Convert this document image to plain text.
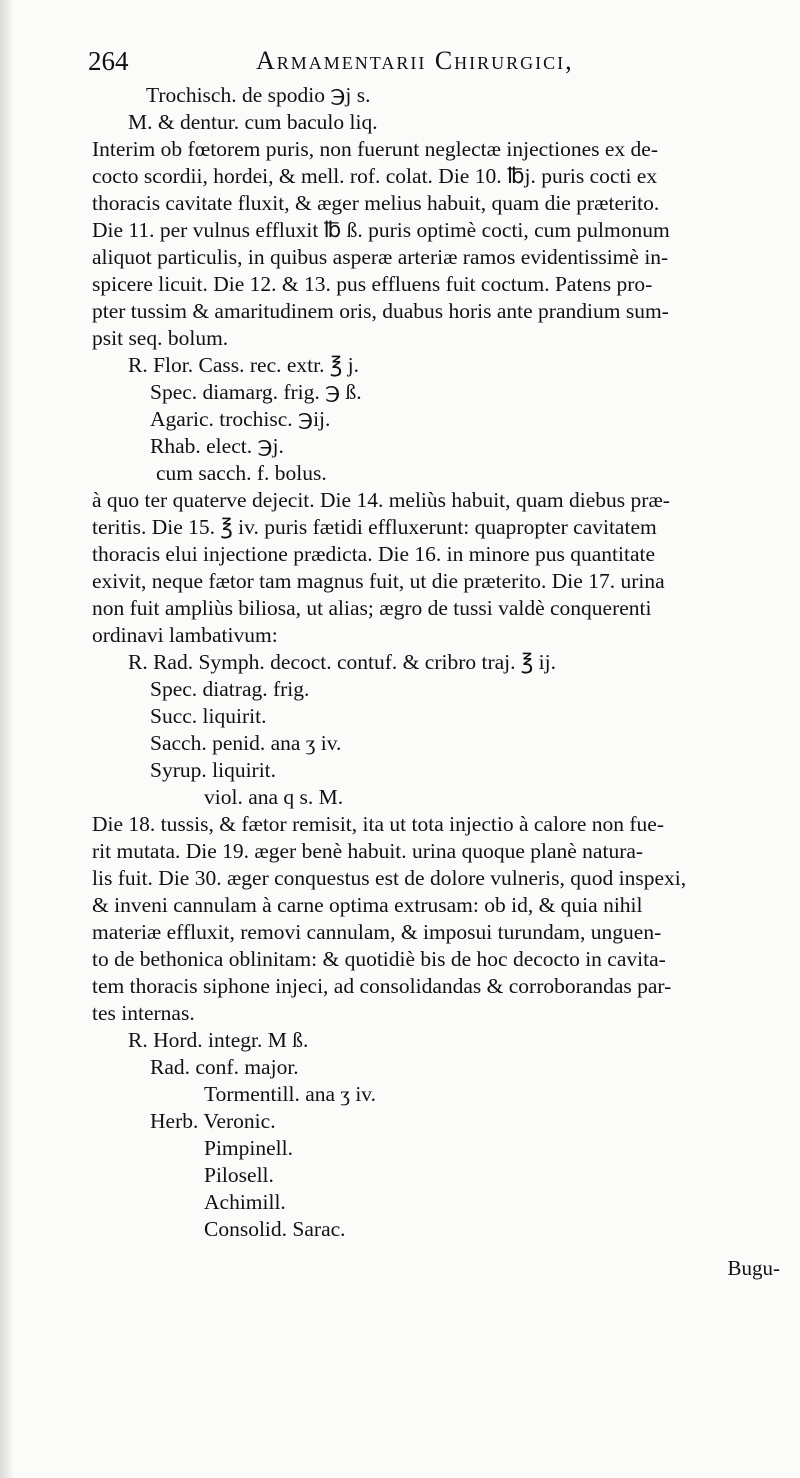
264	Armamentarii Chirurgici,
Trochisch. de spodio ℈j s.
M. & dentur. cum baculo liq.
Interim ob fœtorem puris, non fuerunt neglectæ injectiones ex de-
cocto scordii, hordei, & mell. rof. colat. Die 10. ℔j. puris cocti ex
thoracis cavitate fluxit, & æger melius habuit, quam die præterito.
Die 11. per vulnus effluxit ℔ ß. puris optimè cocti, cum pulmonum
aliquot particulis, in quibus asperæ arteriæ ramos evidentissimè in-
spicere licuit. Die 12. & 13. pus effluens fuit coctum. Patens pro-
pter tussim & amaritudinem oris, duabus horis ante prandium sum-
psit seq. bolum.
R. Flor. Cass. rec. extr. ℥ j.
Spec. diamarg. frig. ℈ ß.
Agaric. trochisc. ℈ij.
Rhab. elect. ℈j.
cum sacch. f. bolus.
à quo ter quaterve dejecit. Die 14. meliùs habuit, quam diebus præ-
teritis. Die 15. ℥ iv. puris fætidi effluxerunt: quapropter cavitatem
thoracis elui injectione prædicta. Die 16. in minore pus quantitate
exivit, neque fætor tam magnus fuit, ut die præterito. Die 17. urina
non fuit ampliùs biliosa, ut alias; ægro de tussi valdè conquerenti
ordinavi lambativum:
R. Rad. Symph. decoct. contuf. & cribro traj. ℥ ij.
Spec. diatrag. frig.
Succ. liquirit.
Sacch. penid. ana ʒ iv.
Syrup. liquirit.
viol. ana q s. M.
Die 18. tussis, & fætor remisit, ita ut tota injectio à calore non fue-
rit mutata. Die 19. æger benè habuit. urina quoque planè natura-
lis fuit. Die 30. æger conquestus est de dolore vulneris, quod inspexi,
& inveni cannulam à carne optima extrusam: ob id, & quia nihil
materiæ effluxit, removi cannulam, & imposui turundam, unguen-
to de bethonica oblinitam: & quotidiè bis de hoc decocto in cavita-
tem thoracis siphone injeci, ad consolidandas & corroborandas par-
tes internas.
R. Hord. integr. M ß.
Rad. conf. major.
Tormentill. ana ʒ iv.
Herb. Veronic.
Pimpinell.
Pilosell.
Achimill.
Consolid. Sarac.
Bugu-
